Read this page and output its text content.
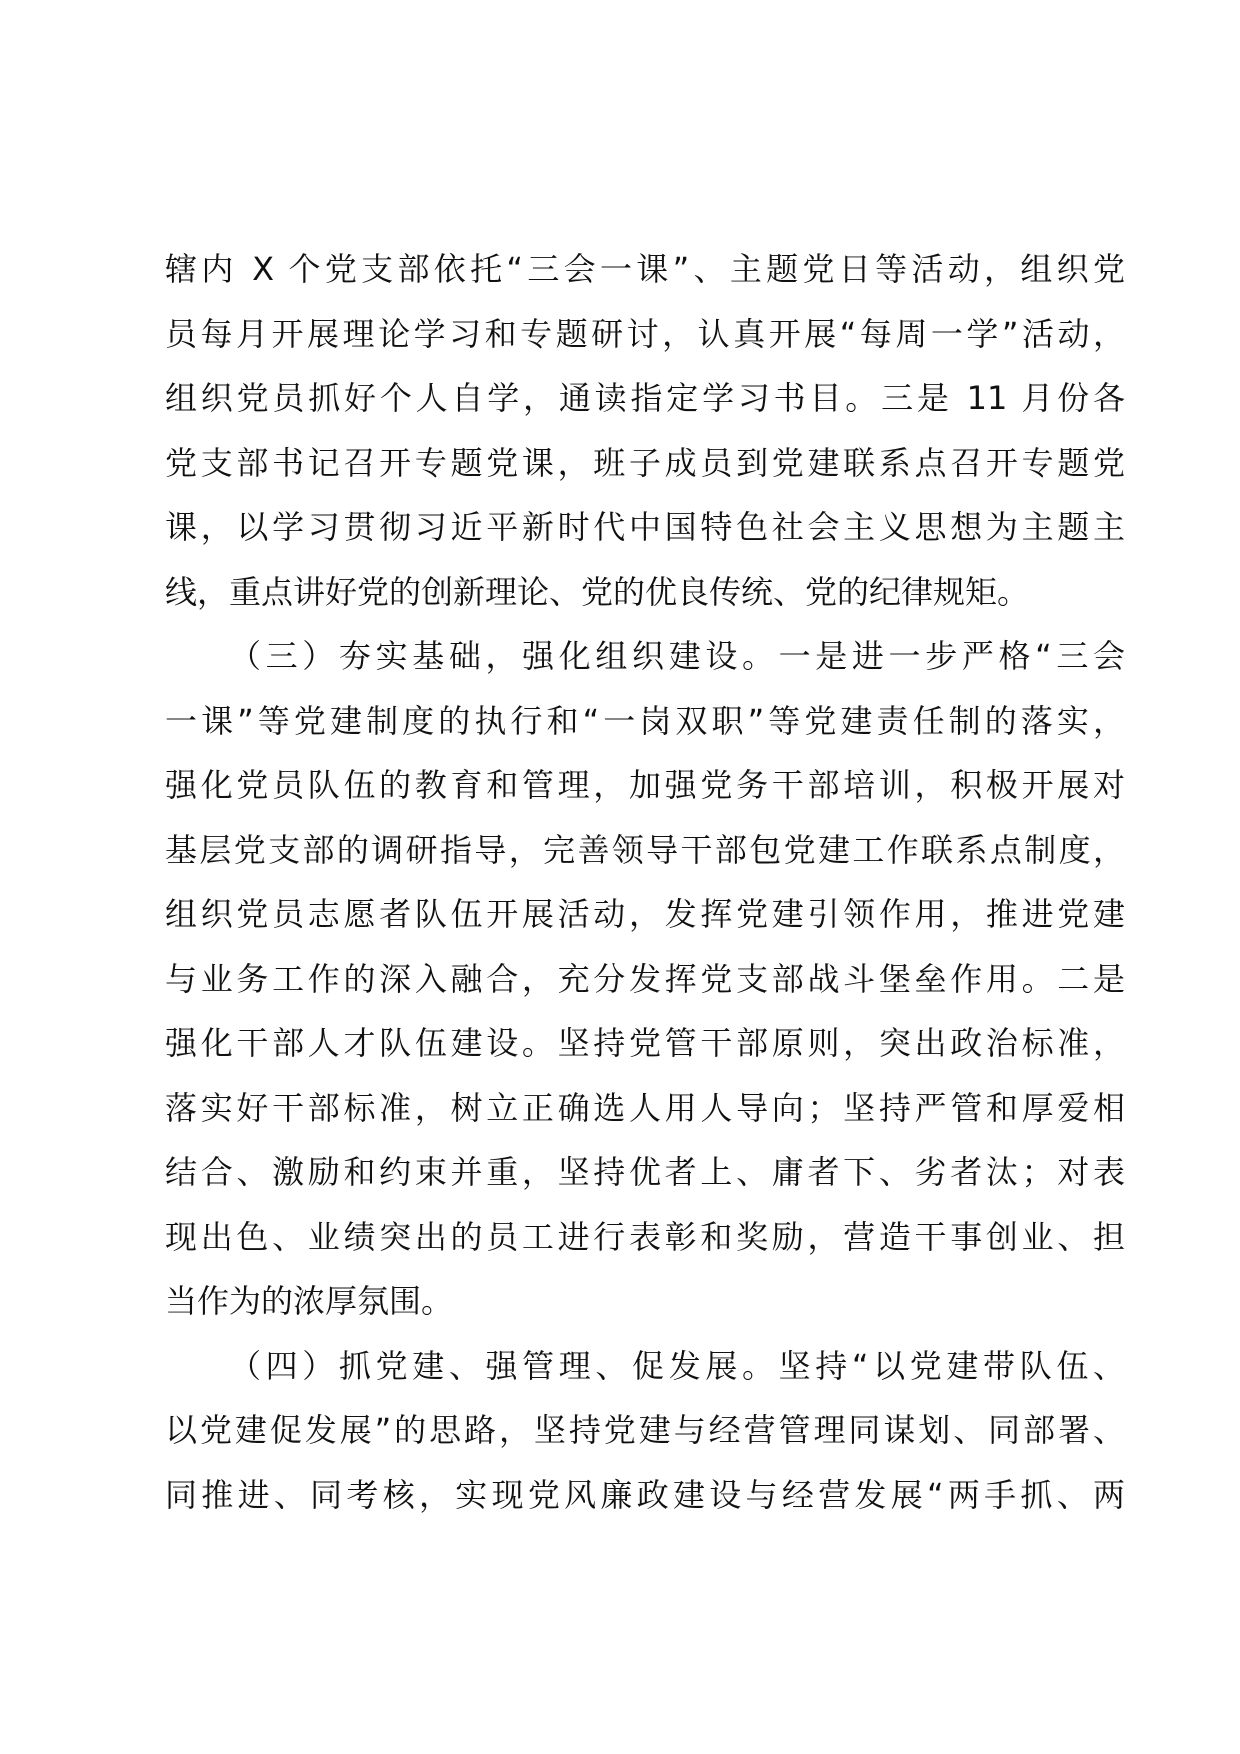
辖内 X 个党支部依托“三会一课”、主题党日等活动，组织党
员每月开展理论学习和专题研讨，认真开展“每周一学”活动，
组织党员抓好个人自学，通读指定学习书目。三是 11 月份各
党支部书记召开专题党课，班子成员到党建联系点召开专题党
课，以学习贯彻习近平新时代中国特色社会主义思想为主题主
线，重点讲好党的创新理论、党的优良传统、党的纪律规矩。
（三）夯实基础，强化组织建设。一是进一步严格“三会
一课”等党建制度的执行和“一岗双职”等党建责任制的落实，
强化党员队伍的教育和管理，加强党务干部培训，积极开展对
基层党支部的调研指导，完善领导干部包党建工作联系点制度，
组织党员志愿者队伍开展活动，发挥党建引领作用，推进党建
与业务工作的深入融合，充分发挥党支部战斗堡垒作用。二是
强化干部人才队伍建设。坚持党管干部原则，突出政治标准，
落实好干部标准，树立正确选人用人导向；坚持严管和厚爱相
结合、激励和约束并重，坚持优者上、庸者下、劣者汰；对表
现出色、业绩突出的员工进行表彰和奖励，营造干事创业、担
当作为的浓厚氛围。
（四）抓党建、强管理、促发展。坚持“以党建带队伍、
以党建促发展”的思路，坚持党建与经营管理同谋划、同部署、
同推进、同考核，实现党风廉政建设与经营发展“两手抓、两
